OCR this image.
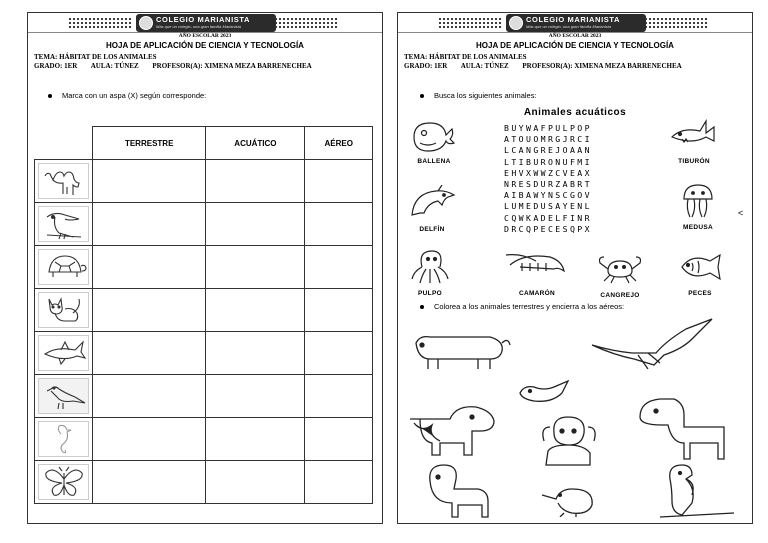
COLEGIO MARIANISTA
Más que un colegio, una gran familia Marianista
AÑO ESCOLAR 2023
HOJA DE APLICACIÓN DE CIENCIA Y TECNOLOGÍA
TEMA: HÁBITAT DE LOS ANIMALES
GRADO: 1ER AULA: TÚNEZ PROFESOR(A): XIMENA MEZA BARRENECHEA
Marca con un aspa (X) según corresponde:
	TERRESTRE	ACUÁTICO	AÉREO

COLEGIO MARIANISTA
Más que un colegio, una gran familia Marianista
AÑO ESCOLAR 2023
HOJA DE APLICACIÓN DE CIENCIA Y TECNOLOGÍA
TEMA: HÁBITAT DE LOS ANIMALES
GRADO: 1ER AULA: TÚNEZ PROFESOR(A): XIMENA MEZA BARRENECHEA
Busca los siguientes animales:
Animales acuáticos
BUYWAFPULPOP
ATOUOMRGJRCI
LCANGREJOAAN
LTIBURONUFMI
EHVXWWZCVEAX
NRESDURZABRT
AIBAWYNSCGOV
LUMEDUSAYENL
CQWKADELFINR
DRCQPECESQPX
BALLENA	TIBURÓN
DELFÍN	MEDUSA
<
PULPO	CAMARÓN	CANGREJO	PECES
Colorea a los animales terrestres y encierra a los aéreos:
